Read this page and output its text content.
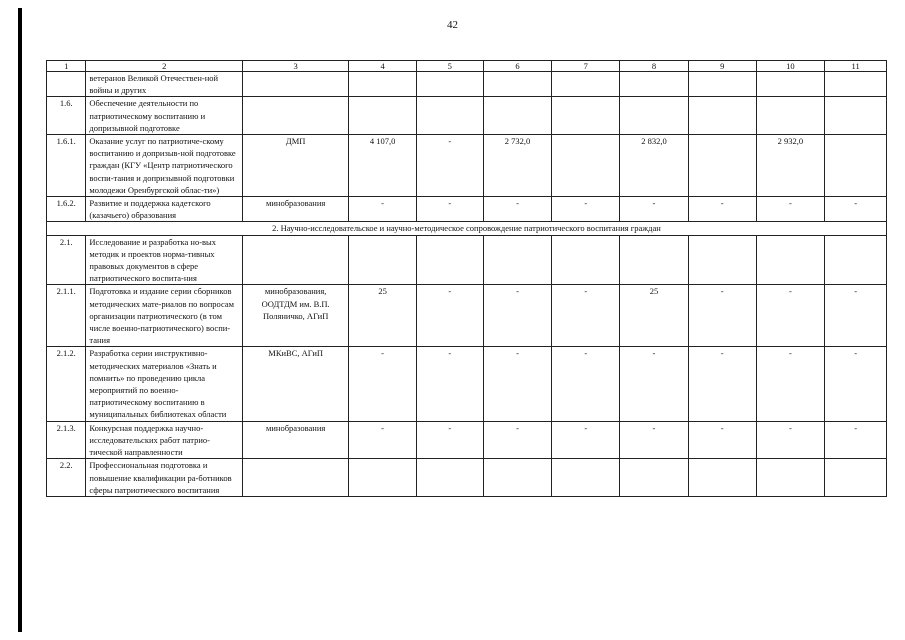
42
1	2	3	4	5	6	7	8	9	10	11
	ветеранов Великой Отечествен-ной войны и других									
1.6.	Обеспечение деятельности по патриотическому воспитанию и допризывной подготовке									
1.6.1.	Оказание услуг по патриотиче-скому воспитанию и допризыв-ной подготовке граждан (КГУ «Центр патриотического воспи-тания и допризывной подготовки молодежи Оренбургской облас-ти»)	ДМП	4 107,0	-	2 732,0		2 832,0		2 932,0	
1.6.2.	Развитие и поддержка кадетского (казачьего) образования	минобразования	-	-	-	-	-	-	-	-
2. Научно-исследовательское и научно-методическое сопровождение патриотического воспитания граждан										
2.1.	Исследование и разработка но-вых методик и проектов норма-тивных правовых документов в сфере патриотического воспита-ния									
2.1.1.	Подготовка и издание серии сборников методических мате-риалов по вопросам организации патриотического (в том числе военно-патриотического) воспи-тания	минобразования, ООДТДМ им. В.П. Поляничко, АГиП	25	-	-	-	25	-	-	-
2.1.2.	Разработка серии инструктивно-методических материалов «Знать и помнить» по проведению цикла мероприятий по военно-патриотическому воспитанию в муниципальных библиотеках области	МКиВС, АГиП	-	-	-	-	-	-	-	-
2.1.3.	Конкурсная поддержка научно-исследовательских работ патрио-тической направленности	минобразования	-	-	-	-	-	-	-	-
2.2.	Профессиональная подготовка и повышение квалификации ра-ботников сферы патриотического воспитания									
